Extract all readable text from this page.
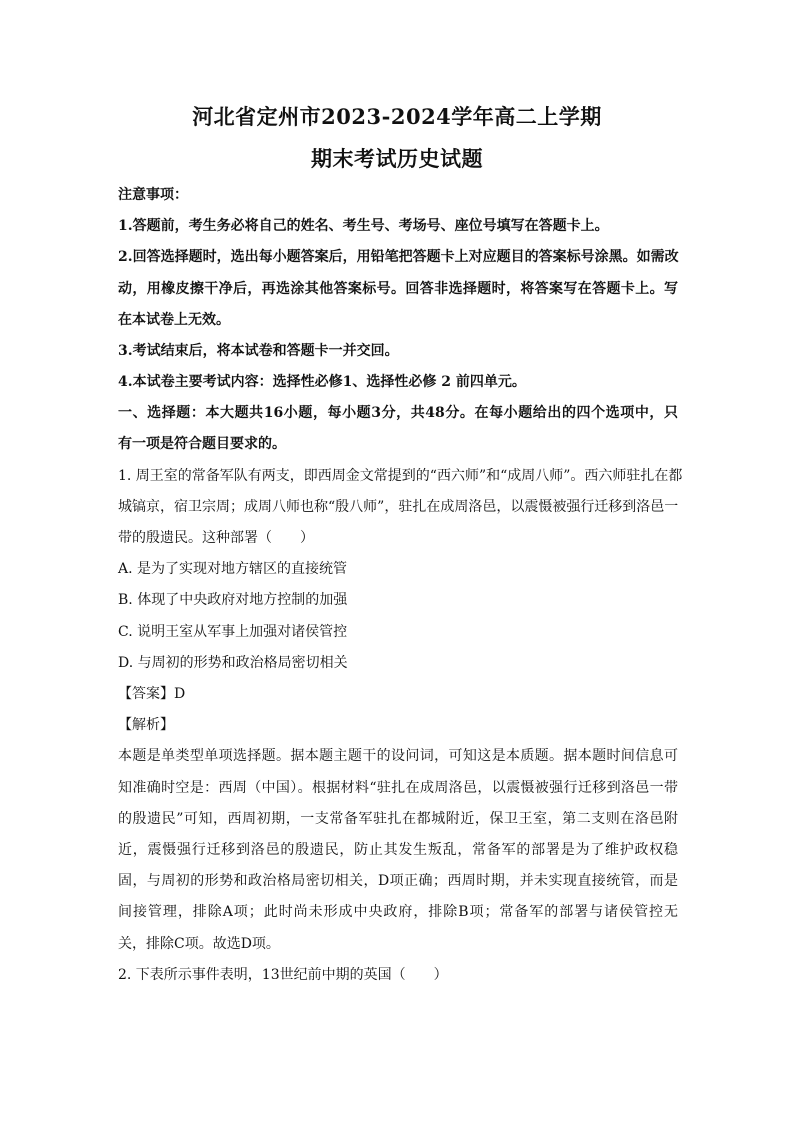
河北省定州市2023-2024学年高二上学期
期末考试历史试题
注意事项：
1.答题前，考生务必将自己的姓名、考生号、考场号、座位号填写在答题卡上。
2.回答选择题时，选出每小题答案后，用铅笔把答题卡上对应题目的答案标号涂黑。如需改
动，用橡皮擦干净后，再选涂其他答案标号。回答非选择题时，将答案写在答题卡上。写
在本试卷上无效。
3.考试结束后，将本试卷和答题卡一并交回。
4.本试卷主要考试内容：选择性必修1、选择性必修 2 前四单元。
一、选择题：本大题共16小题，每小题3分，共48分。在每小题给出的四个选项中，只
有一项是符合题目要求的。
1. 周王室的常备军队有两支，即西周金文常提到的“西六师”和“成周八师”。西六师驻扎在都
城镐京，宿卫宗周；成周八师也称“殷八师”，驻扎在成周洛邑，以震慑被强行迁移到洛邑一
带的殷遗民。这种部署（　　）
A. 是为了实现对地方辖区的直接统管
B. 体现了中央政府对地方控制的加强
C. 说明王室从军事上加强对诸侯管控
D. 与周初的形势和政治格局密切相关
【答案】D
【解析】
本题是单类型单项选择题。据本题主题干的设问词，可知这是本质题。据本题时间信息可
知准确时空是：西周（中国）。根据材料“驻扎在成周洛邑，以震慑被强行迁移到洛邑一带
的殷遗民”可知，西周初期，一支常备军驻扎在都城附近，保卫王室，第二支则在洛邑附
近，震慑强行迁移到洛邑的殷遗民，防止其发生叛乱，常备军的部署是为了维护政权稳
固，与周初的形势和政治格局密切相关，D项正确；西周时期，并未实现直接统管，而是
间接管理，排除A项；此时尚未形成中央政府，排除B项；常备军的部署与诸侯管控无
关，排除C项。故选D项。
2. 下表所示事件表明，13世纪前中期的英国（　　）
